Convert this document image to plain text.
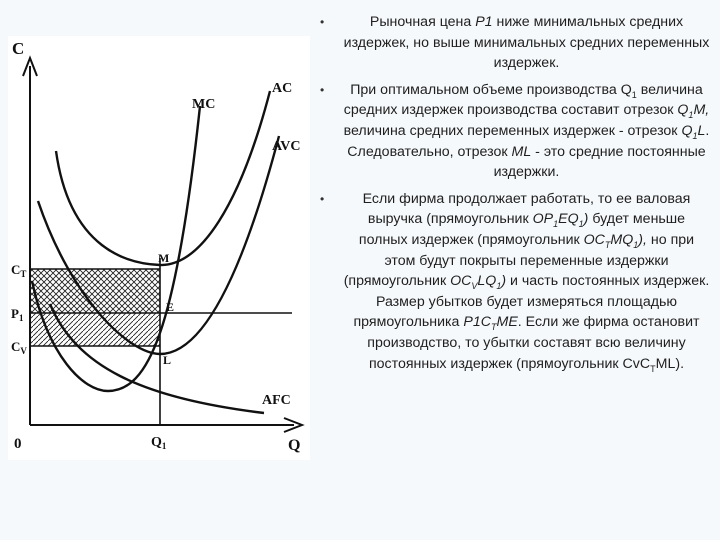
C
0	Q
MC
AC
AVC
AFC
M
E
L
$C_T$
$P_1$
$C_V$
$Q_1$
•	Рыночная цена P1 ниже минимальных средних издержек, но выше минимальных средних переменных издержек.
•	При оптимальном объеме производства $Q_1$ величина средних издержек производства составит отрезок $Q_1M$, величина средних переменных издержек - отрезок $Q_1L$. Следовательно, отрезок ML - это средние постоянные издержки.
•	Если фирма продолжает работать, то ее валовая выручка (прямоугольник $OP_1EQ_1$) будет меньше полных издержек (прямоугольник $OC_TMQ_1$), но при этом будут покрыты переменные издержки (прямоугольник $OC_VLQ_1$) и часть постоянных издержек. Размер убытков будет измеряться площадью прямоугольника $P1C_TME$. Если же фирма остановит производство, то убытки составят всю величину постоянных издержек (прямоугольник CvC$_T$ML).
